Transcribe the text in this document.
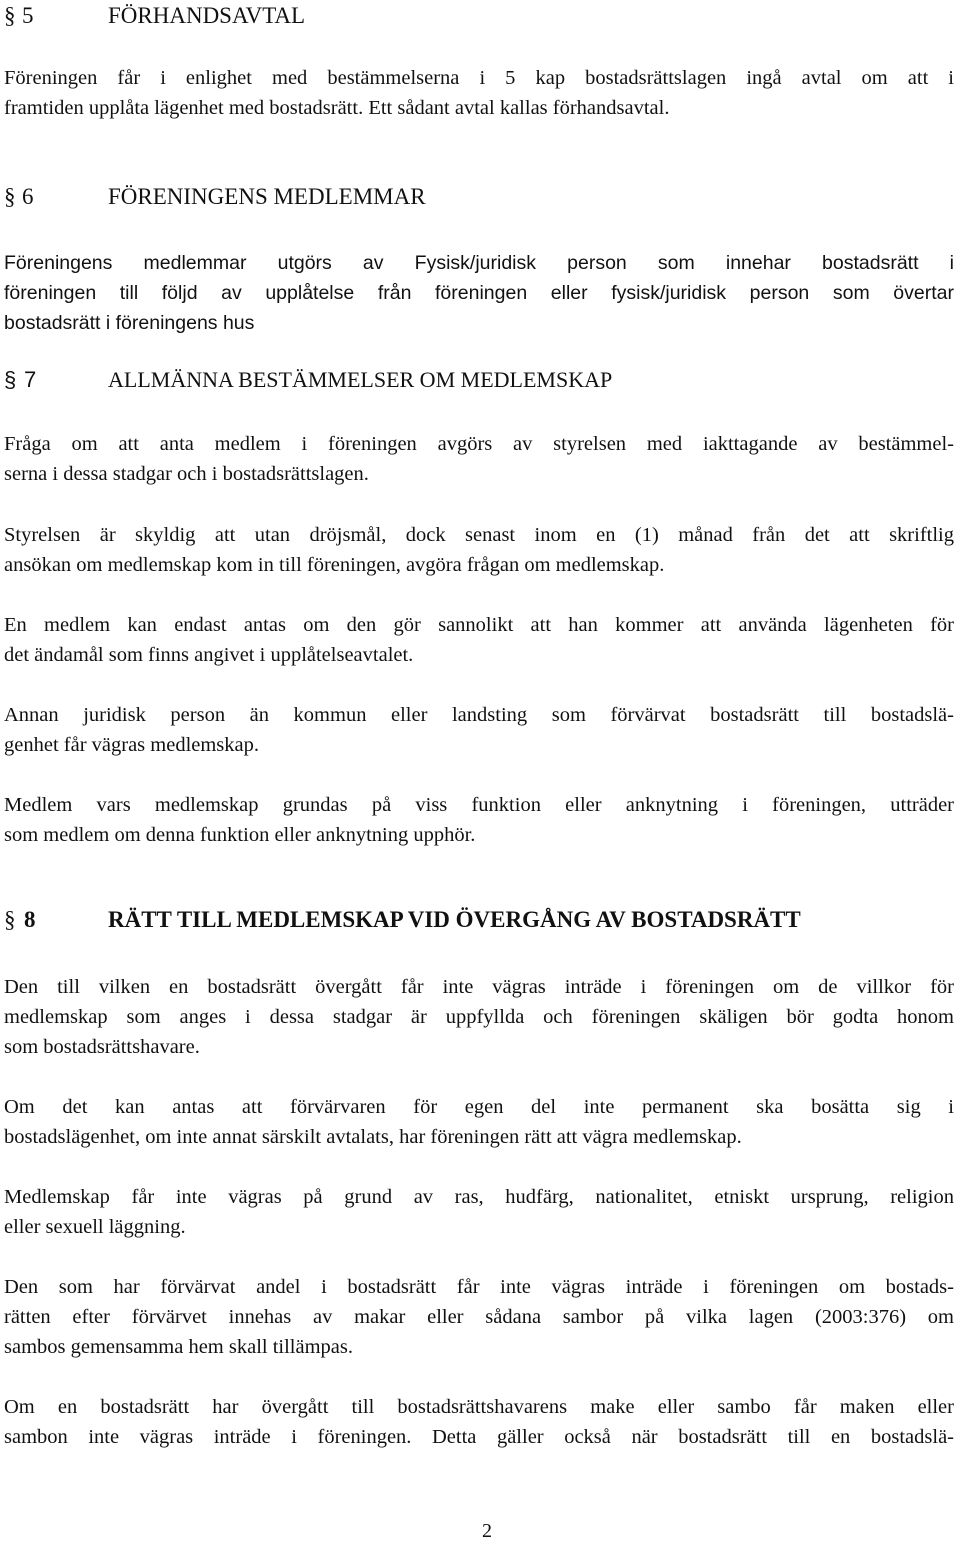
§ 5	FÖRHANDSAVTAL
Föreningen får i enlighet med bestämmelserna i 5 kap bostadsrättslagen ingå avtal om att i
framtiden upplåta lägenhet med bostadsrätt. Ett sådant avtal kallas förhandsavtal.
§ 6	FÖRENINGENS MEDLEMMAR
Föreningens medlemmar utgörs av Fysisk/juridisk person som innehar bostadsrätt i
föreningen till följd av upplåtelse från föreningen eller fysisk/juridisk person som övertar
bostadsrätt i föreningens hus
§ 7	ALLMÄNNA BESTÄMMELSER OM MEDLEMSKAP
Fråga om att anta medlem i föreningen avgörs av styrelsen med iakttagande av bestämmel-
serna i dessa stadgar och i bostadsrättslagen.
Styrelsen är skyldig att utan dröjsmål, dock senast inom en (1) månad från det att skriftlig
ansökan om medlemskap kom in till föreningen, avgöra frågan om medlemskap.
En medlem kan endast antas om den gör sannolikt att han kommer att använda lägenheten för
det ändamål som finns angivet i upplåtelseavtalet.
Annan juridisk person än kommun eller landsting som förvärvat bostadsrätt till bostadslä-
genhet får vägras medlemskap.
Medlem vars medlemskap grundas på viss funktion eller anknytning i föreningen, utträder
som medlem om denna funktion eller anknytning upphör.
§ 8	RÄTT TILL MEDLEMSKAP VID ÖVERGÅNG AV BOSTADSRÄTT
Den till vilken en bostadsrätt övergått får inte vägras inträde i föreningen om de villkor för
medlemskap som anges i dessa stadgar är uppfyllda och föreningen skäligen bör godta honom
som bostadsrättshavare.
Om det kan antas att förvärvaren för egen del inte permanent ska bosätta sig i
bostadslägenhet, om inte annat särskilt avtalats, har föreningen rätt att vägra medlemskap.
Medlemskap får inte vägras på grund av ras, hudfärg, nationalitet, etniskt ursprung, religion
eller sexuell läggning.
Den som har förvärvat andel i bostadsrätt får inte vägras inträde i föreningen om bostads-
rätten efter förvärvet innehas av makar eller sådana sambor på vilka lagen (2003:376) om
sambos gemensamma hem skall tillämpas.
Om en bostadsrätt har övergått till bostadsrättshavarens make eller sambo får maken eller
sambon inte vägras inträde i föreningen. Detta gäller också när bostadsrätt till en bostadslä-
2
